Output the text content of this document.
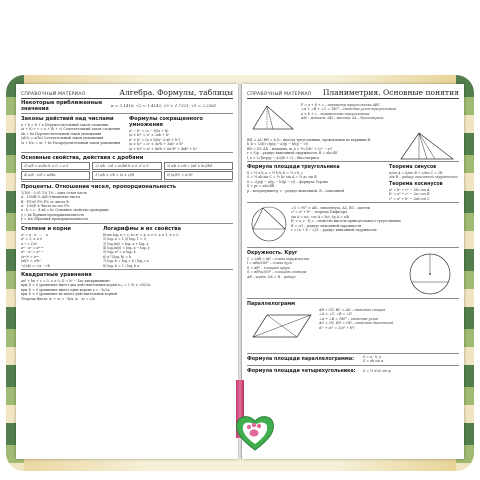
СПРАВОЧНЫЙ МАТЕРИАЛ	Алгебра. Формулы, таблицы
Некоторые приближенные
значения
π ≈ 3,1416; √2 ≈ 1,4142; √3 ≈ 1,7321; √5 ≈ 2,2361
Законы действий над числами
a + b = b + a Переместительный закон сложения
(a + b) + c = a + (b + c) Сочетательный закон сложения
ab = ba Переместительный закон умножения
(ab)c = a(bc) Сочетательный закон умножения
(a + b)c = ac + bc Распределительный закон умножения
Формулы сокращенного умножения
a² − b² = (a − b)(a + b)
(a ± b)² = a² ± 2ab + b²
a³ ± b³ = (a ± b)(a² ∓ ab + b²)
(a ± b)³ = a³ ± 3a²b + 3ab² ± b³
(a + b)⁴ = a⁴ + 4a³b + 6a²b² + 4ab³ + b⁴
Основные свойства, действия с дробями
1) a/b = ac/bc b ≠ 0, c ≠ 0	2) a/b · c/d = ac/bd b ≠ 0, d ≠ 0	3) a/b ± c/d = (ad ± bc)/bd
4) a/b : c/d = ad/bc	5) a/b ± c/b = (a ± c)/b	6) (a/b)ⁿ = aⁿ/bⁿ
Проценты. Отношение чисел, пропорциональность
1/100 · 0,01 1% 1% – одна сотая часть
A · 100/B % A/B Отношение чисел
B · P/100 P% P% от числа B
A · 100/P A Число по его P%
a : b = c : d ad = bc Основное свойство пропорции
y = kx Прямая пропорциональность
y = k/x Обратная пропорциональность
Степени и корни
aⁿ = a · a · … · a
a⁰ = 1, a ≠ 0
a⁻ⁿ = 1/aⁿ
aᵐ · aⁿ = aᵐ⁺ⁿ
aᵐ : aⁿ = aᵐ⁻ⁿ
(aᵐ)ⁿ = aᵐⁿ
(ab)ⁿ = aⁿbⁿ
ⁿ√(ab) = ⁿ√a · ⁿ√b
Логарифмы и их свойства
Если logₐ x = c, то aᶜ = x; a > 0, a ≠ 1, x > 0
1) logₐ a = 1 2) logₐ 1 = 0
3) logₐ(xy) = logₐ x + logₐ y
4) logₐ(x/y) = logₐ x − logₐ y
5) logₐ xⁿ = n logₐ x
6) a^(logₐ b) = b
7) logₐ b = log_c b / log_c a
8) logₐ b = 1 / log_b a
Квадратные уравнения
ax² + bx + c = 0, a ≠ 0; D = b² − 4ac дискриминант
при D > 0 уравнение имеет два действительных корня x₁,₂ = (−b ± √D)/2a
при D = 0 уравнение имеет один корень x = −b/2a
при D < 0 уравнение не имеет действительных корней
Теорема Виета: x₁ + x₂ = −b/a, x₁ · x₂ = c/a
СПРАВОЧНЫЙ МАТЕРИАЛ Планиметрия. Основные понятия
P = a + b + c – периметр треугольника ABC
∠A + ∠B + ∠C = 180° – свойство углов треугольника
a < b + c – неравенство треугольника
AM – медиана, AH – высота, AL – биссектриса
BH ⊥ AC BH = h_b – высота треугольника, проведенная из вершины B
h_b = (2/b)·√(p(p − a)(p − b)(p − c))
BD = DC AD – медиана; m_a = ½√(2b² + 2c² − a²)
r = S/p – радиус вписанной окружности; R = abc/4S
l_a = 2√(bcp(p − a))/(b + c) – биссектриса
Формула площади треугольника
S = ½ a·h_a = ½ b·h_b = ½ c·h_c
S = ½ ab sin C = ½ bc sin A = ½ ac sin B
S = √(p(p − a)(p − b)(p − c)) – формула Герона
S = pr = abc/4R
p – полупериметр, r – радиус вписанной, R – описанной
Теорема синусов
a/sin A = b/sin B = c/sin C = 2R
где R – радиус описанной окружности
Теорема косинусов
a² = b² + c² − 2bc cos A
b² = a² + c² − 2ac cos B
c² = a² + b² − 2ab cos C
∠C = 90° ⇒ AB – гипотенуза, AC, BC – катеты
c² = a² + b² – теорема Пифагора
sin A = a/c, cos A = b/c, tg A = a/b
h² = a_c · b_c – свойство высоты прямоугольного треугольника
R = c/2 – радиус описанной окружности
r = (a + b − c)/2 – радиус вписанной окружности
Окружность. Круг
C = 2πR = πD – длина окружности
l = πRα/180° – длина дуги
S = πR² – площадь круга
S = πR²α/360° – площадь сектора
AB – хорда, OA = R – радиус
Параллелограмм
AB = CD, BC = AD – свойство сторон
∠A = ∠C, ∠B = ∠D
∠A + ∠B = 180° – свойство углов
AO = OC, BO = OD – свойство диагоналей
d₁² + d₂² = 2(a² + b²)
Формула площади параллелограмма:	S = a · h_a
S = ab sin α
Формула площади четырехугольника:	S = ½ d₁d₂ sin φ
